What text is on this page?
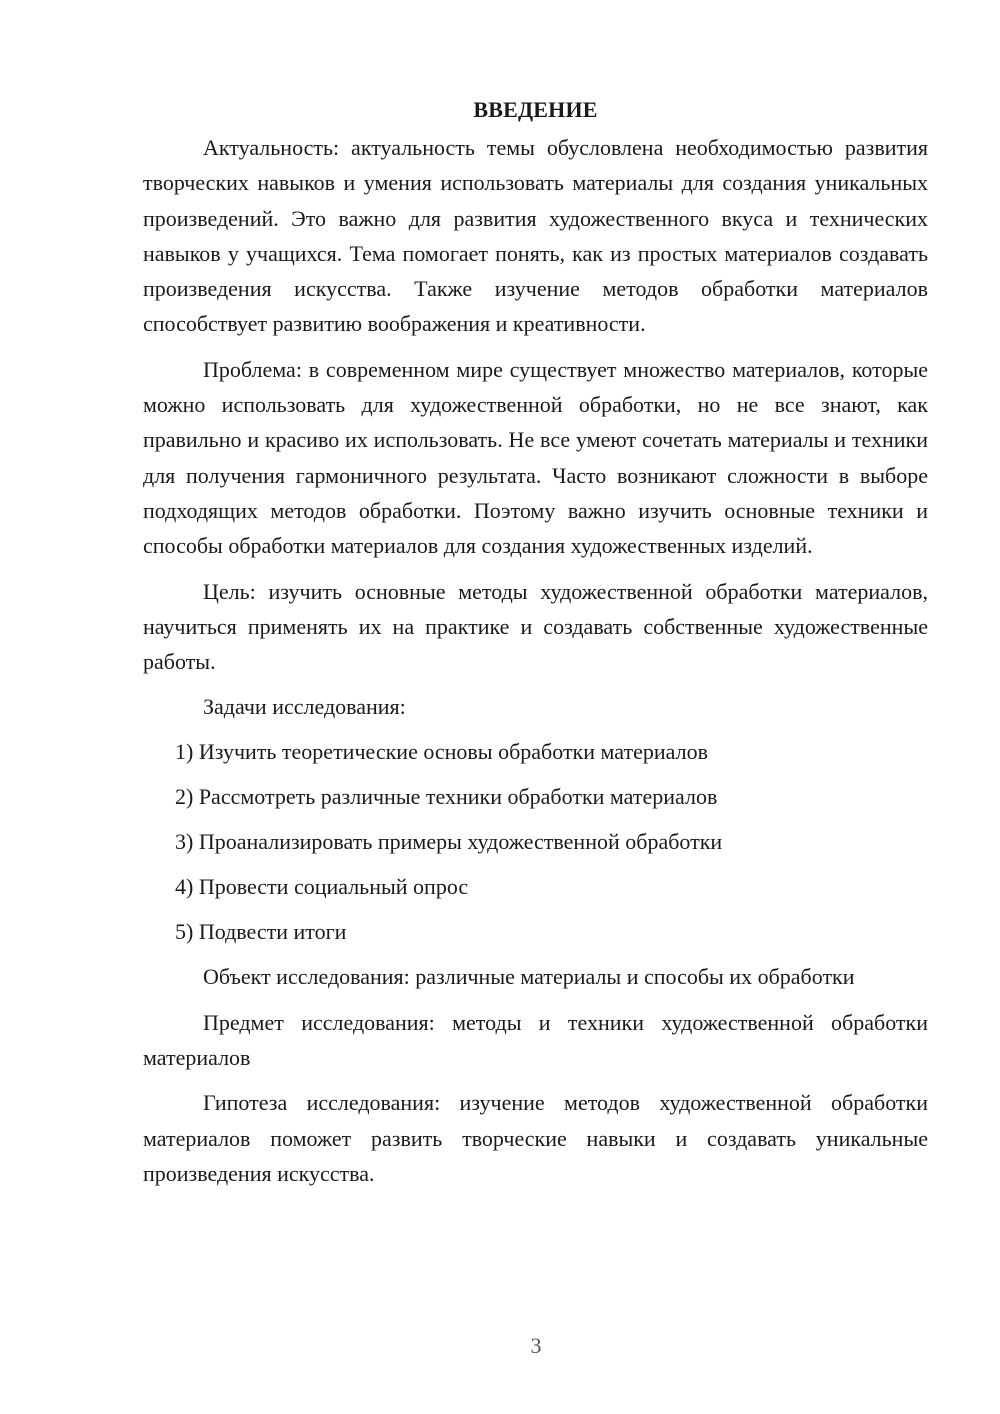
ВВЕДЕНИЕ

Актуальность: актуальность темы обусловлена необходимостью развития творческих навыков и умения использовать материалы для создания уникальных произведений. Это важно для развития художественного вкуса и технических навыков у учащихся. Тема помогает понять, как из простых материалов создавать произведения искусства. Также изучение методов обработки материалов способствует развитию воображения и креативности.

Проблема: в современном мире существует множество материалов, которые можно использовать для художественной обработки, но не все знают, как правильно и красиво их использовать. Не все умеют сочетать материалы и техники для получения гармоничного результата. Часто возникают сложности в выборе подходящих методов обработки. Поэтому важно изучить основные техники и способы обработки материалов для создания художественных изделий.

Цель: изучить основные методы художественной обработки материалов, научиться применять их на практике и создавать собственные художественные работы.

Задачи исследования:

1) Изучить теоретические основы обработки материалов
2) Рассмотреть различные техники обработки материалов
3) Проанализировать примеры художественной обработки
4) Провести социальный опрос
5) Подвести итоги

Объект исследования: различные материалы и способы их обработки

Предмет исследования: методы и техники художественной обработки материалов

Гипотеза исследования: изучение методов художественной обработки материалов поможет развить творческие навыки и создавать уникальные произведения искусства.

3
